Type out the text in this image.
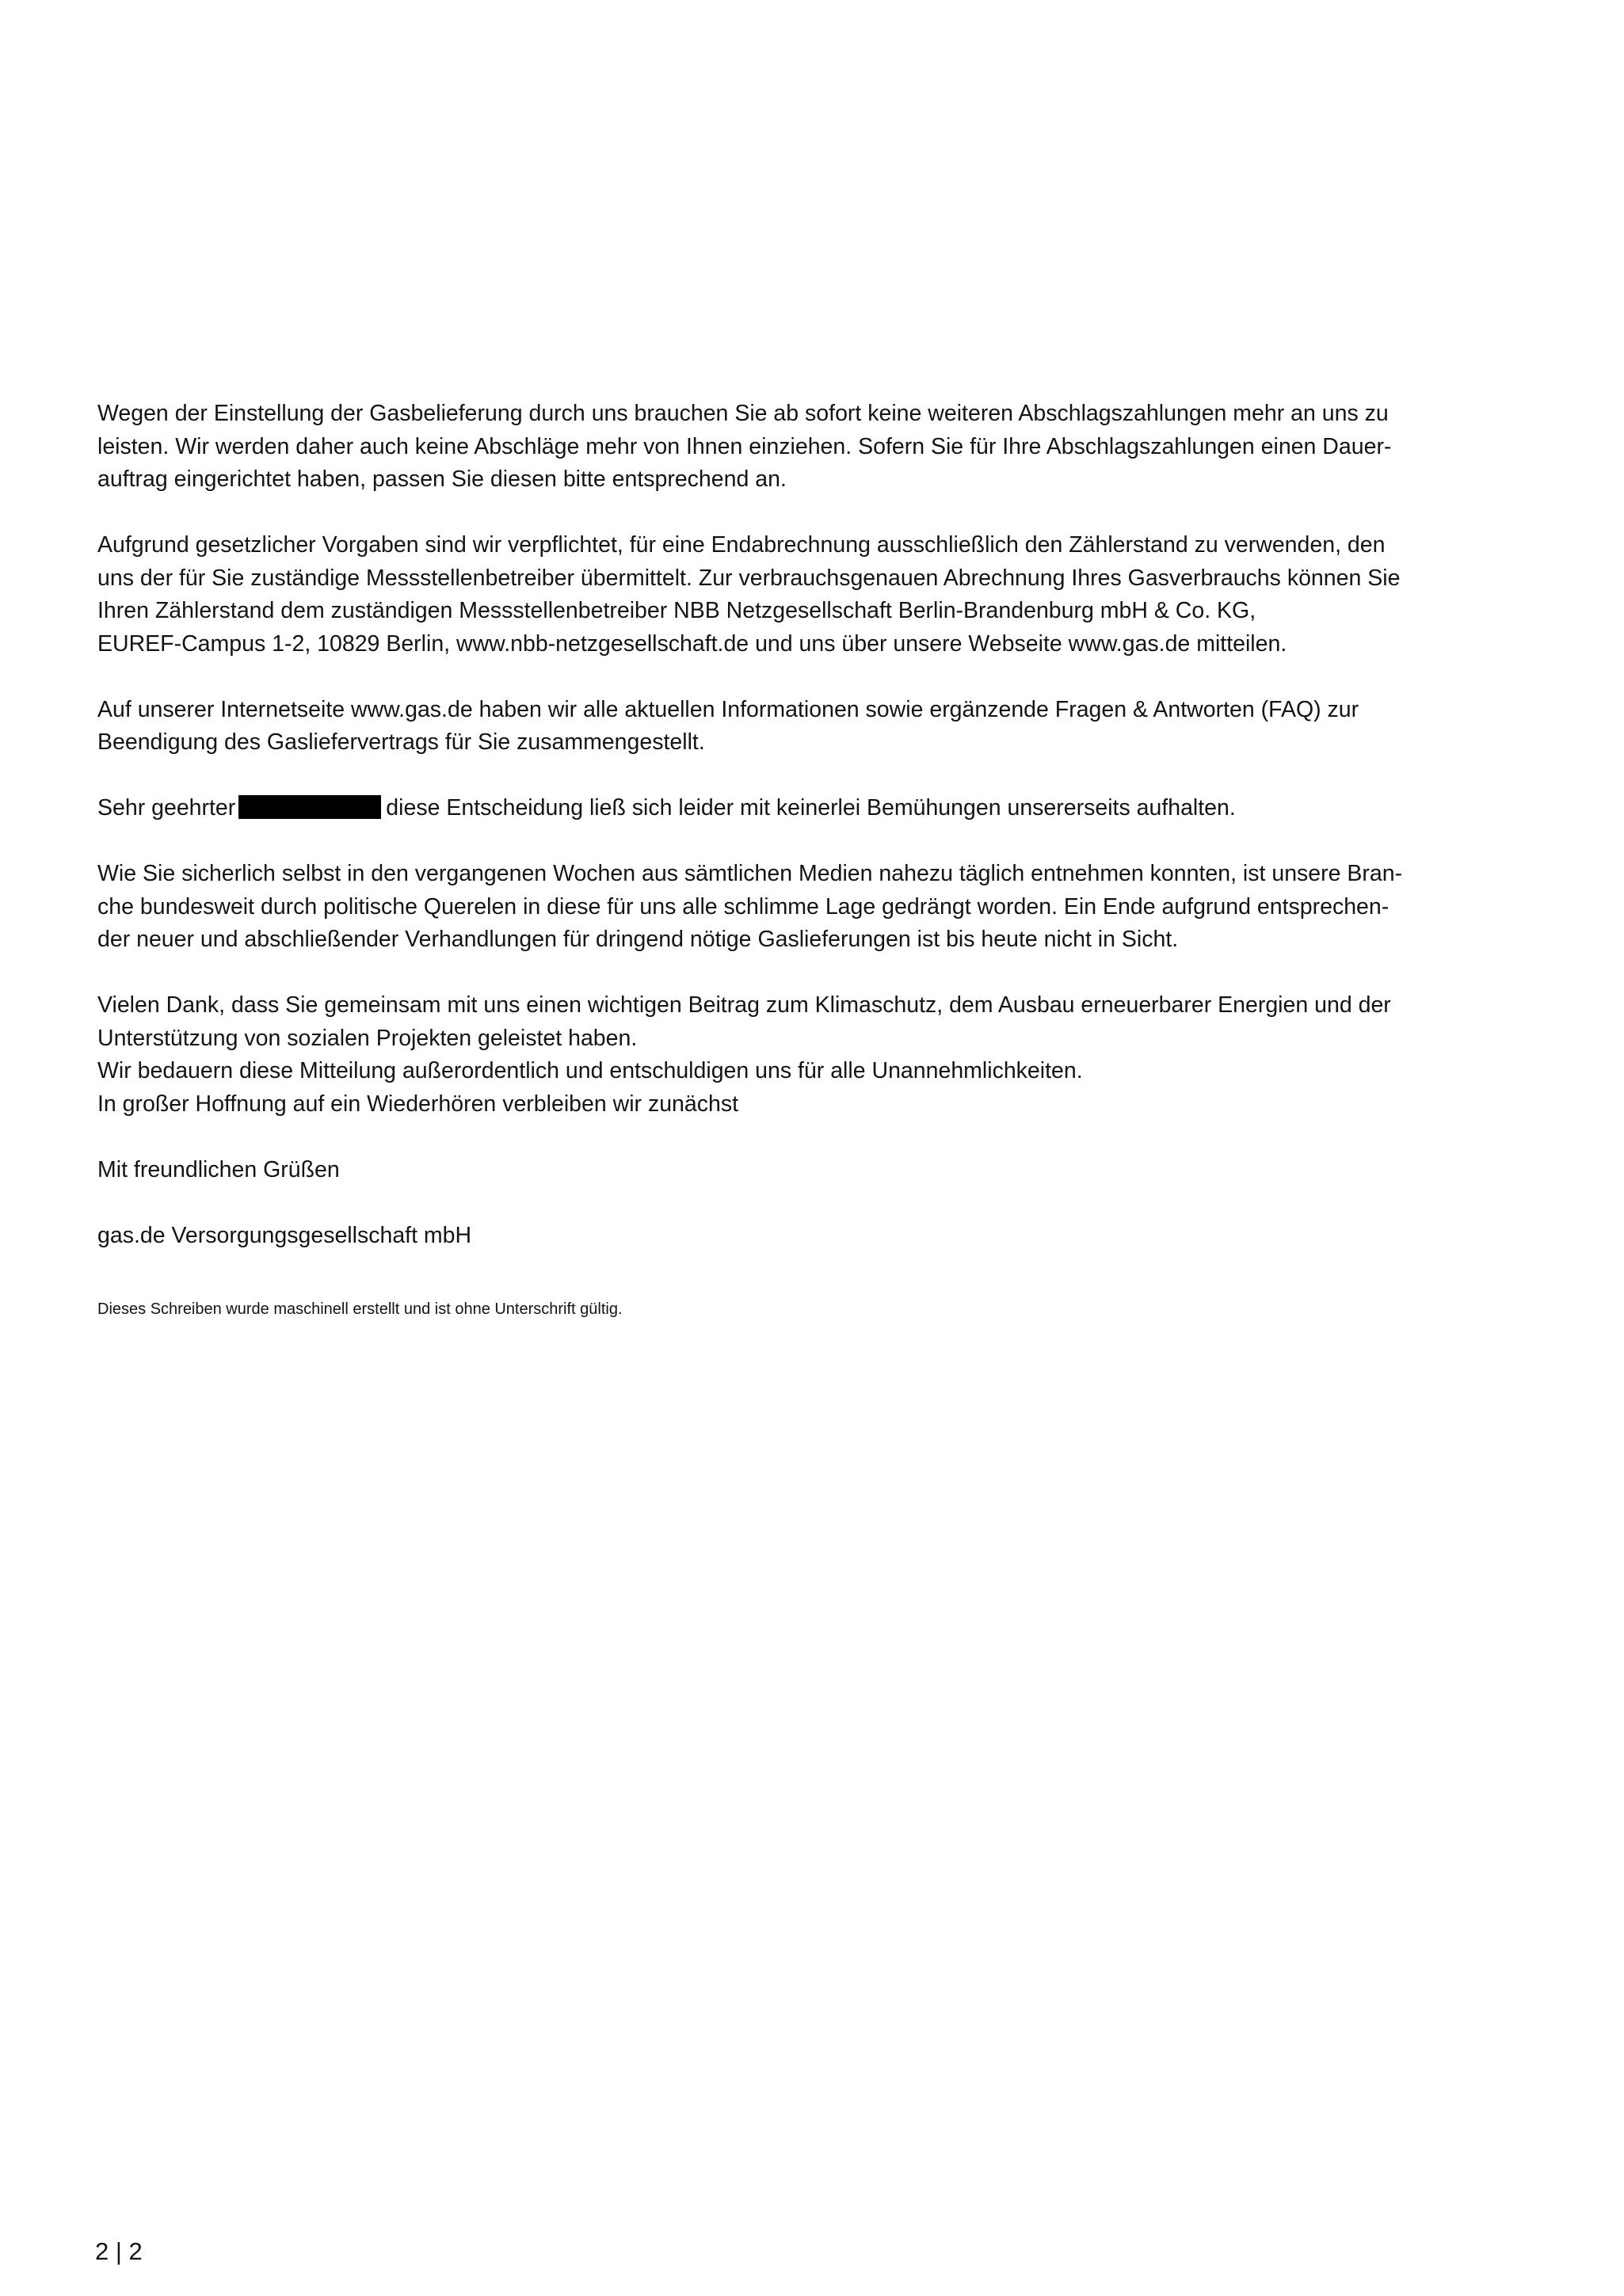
Wegen der Einstellung der Gasbelieferung durch uns brauchen Sie ab sofort keine weiteren Abschlagszahlungen mehr an uns zu
leisten. Wir werden daher auch keine Abschläge mehr von Ihnen einziehen. Sofern Sie für Ihre Abschlagszahlungen einen Dauer-
auftrag eingerichtet haben, passen Sie diesen bitte entsprechend an.

Aufgrund gesetzlicher Vorgaben sind wir verpflichtet, für eine Endabrechnung ausschließlich den Zählerstand zu verwenden, den
uns der für Sie zuständige Messstellenbetreiber übermittelt. Zur verbrauchsgenauen Abrechnung Ihres Gasverbrauchs können Sie
Ihren Zählerstand dem zuständigen Messstellenbetreiber NBB Netzgesellschaft Berlin-Brandenburg mbH & Co. KG,
EUREF-Campus 1-2, 10829 Berlin, www.nbb-netzgesellschaft.de und uns über unsere Webseite www.gas.de mitteilen.

Auf unserer Internetseite www.gas.de haben wir alle aktuellen Informationen sowie ergänzende Fragen & Antworten (FAQ) zur
Beendigung des Gasliefervertrags für Sie zusammengestellt.

Sehr geehrter	diese Entscheidung ließ sich leider mit keinerlei Bemühungen unsererseits aufhalten.

Wie Sie sicherlich selbst in den vergangenen Wochen aus sämtlichen Medien nahezu täglich entnehmen konnten, ist unsere Bran-
che bundesweit durch politische Querelen in diese für uns alle schlimme Lage gedrängt worden. Ein Ende aufgrund entsprechen-
der neuer und abschließender Verhandlungen für dringend nötige Gaslieferungen ist bis heute nicht in Sicht.

Vielen Dank, dass Sie gemeinsam mit uns einen wichtigen Beitrag zum Klimaschutz, dem Ausbau erneuerbarer Energien und der
Unterstützung von sozialen Projekten geleistet haben.
Wir bedauern diese Mitteilung außerordentlich und entschuldigen uns für alle Unannehmlichkeiten.
In großer Hoffnung auf ein Wiederhören verbleiben wir zunächst

Mit freundlichen Grüßen

gas.de Versorgungsgesellschaft mbH

Dieses Schreiben wurde maschinell erstellt und ist ohne Unterschrift gültig.
2 | 2
